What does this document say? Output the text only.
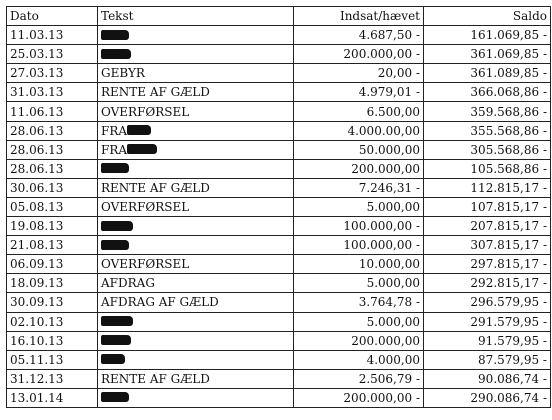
Dato	Tekst	Indsat/hævet	Saldo
11.03.13		4.687,50 -	161.069,85 -
25.03.13		200.000,00 -	361.069,85 -
27.03.13	GEBYR	20,00 -	361.089,85 -
31.03.13	RENTE AF GÆLD	4.979,01 -	366.068,86 -
11.06.13	OVERFØRSEL	6.500,00	359.568,86 -
28.06.13	FRA	4.000.00,00	355.568,86 -
28.06.13	FRA	50.000,00	305.568,86 -
28.06.13		200.000,00	105.568,86 -
30.06.13	RENTE AF GÆLD	7.246,31 -	112.815,17 -
05.08.13	OVERFØRSEL	5.000,00	107.815,17 -
19.08.13		100.000,00 -	207.815,17 -
21.08.13		100.000,00 -	307.815,17 -
06.09.13	OVERFØRSEL	10.000,00	297.815,17 -
18.09.13	AFDRAG	5.000,00	292.815,17 -
30.09.13	AFDRAG AF GÆLD	3.764,78 -	296.579,95 -
02.10.13		5.000,00	291.579,95 -
16.10.13		200.000,00	91.579,95 -
05.11.13		4.000,00	87.579,95 -
31.12.13	RENTE AF GÆLD	2.506,79 -	90.086,74 -
13.01.14		200.000,00 -	290.086,74 -
